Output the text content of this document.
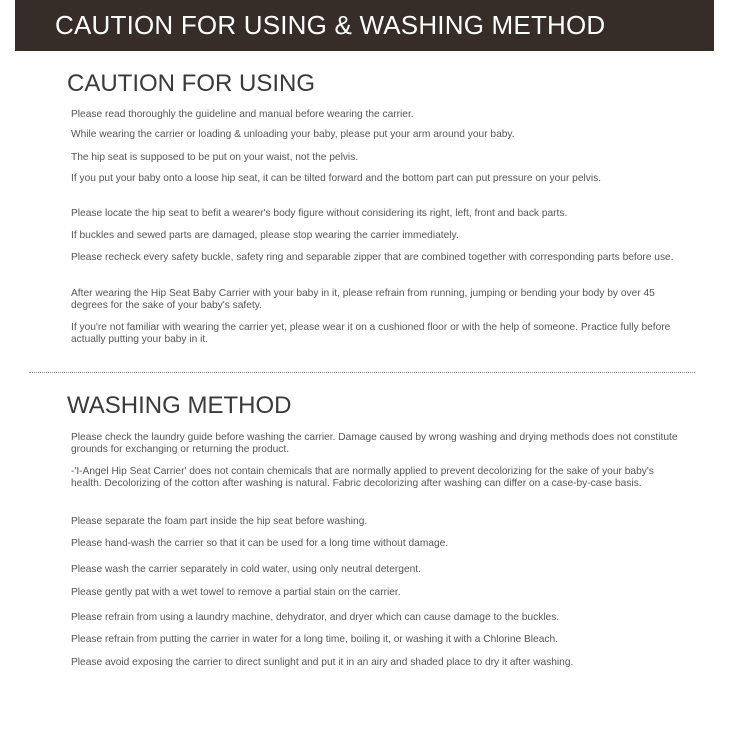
CAUTION FOR USING & WASHING METHOD
CAUTION FOR USING
Please read thoroughly the guideline and manual before wearing the carrier.
While wearing the carrier or loading & unloading your baby, please put your arm around your baby.
The hip seat is supposed to be put on your waist, not the pelvis.
If you put your baby onto a loose hip seat, it can be tilted forward and the bottom part can put pressure on your pelvis.
Please locate the hip seat to befit a wearer's body figure without considering its right, left, front and back parts.
If buckles and sewed parts are damaged, please stop wearing the carrier immediately.
Please recheck every safety buckle, safety ring and separable zipper that are combined together with corresponding parts before use.
After wearing the Hip Seat Baby Carrier with your baby in it, please refrain from running, jumping or bending your body by over 45 degrees for the sake of your baby's safety.
If you're not familiar with wearing the carrier yet, please wear it on a cushioned floor or with the help of someone. Practice fully before actually putting your baby in it.
WASHING METHOD
Please check the laundry guide before washing the carrier. Damage caused by wrong washing and drying methods does not constitute grounds for exchanging or returning the product.
-'I-Angel Hip Seat Carrier' does not contain chemicals that are normally applied to prevent decolorizing for the sake of your baby's health. Decolorizing of the cotton after washing is natural. Fabric decolorizing after washing can differ on a case-by-case basis.
Please separate the foam part inside the hip seat before washing.
Please hand-wash the carrier so that it can be used for a long time without damage.
Please wash the carrier separately in cold water, using only neutral detergent.
Please gently pat with a wet towel to remove a partial stain on the carrier.
Please refrain from using a laundry machine, dehydrator, and dryer which can cause damage to the buckles.
Please refrain from putting the carrier in water for a long time, boiling it, or washing it with a Chlorine Bleach.
Please avoid exposing the carrier to direct sunlight and put it in an airy and shaded place to dry it after washing.
